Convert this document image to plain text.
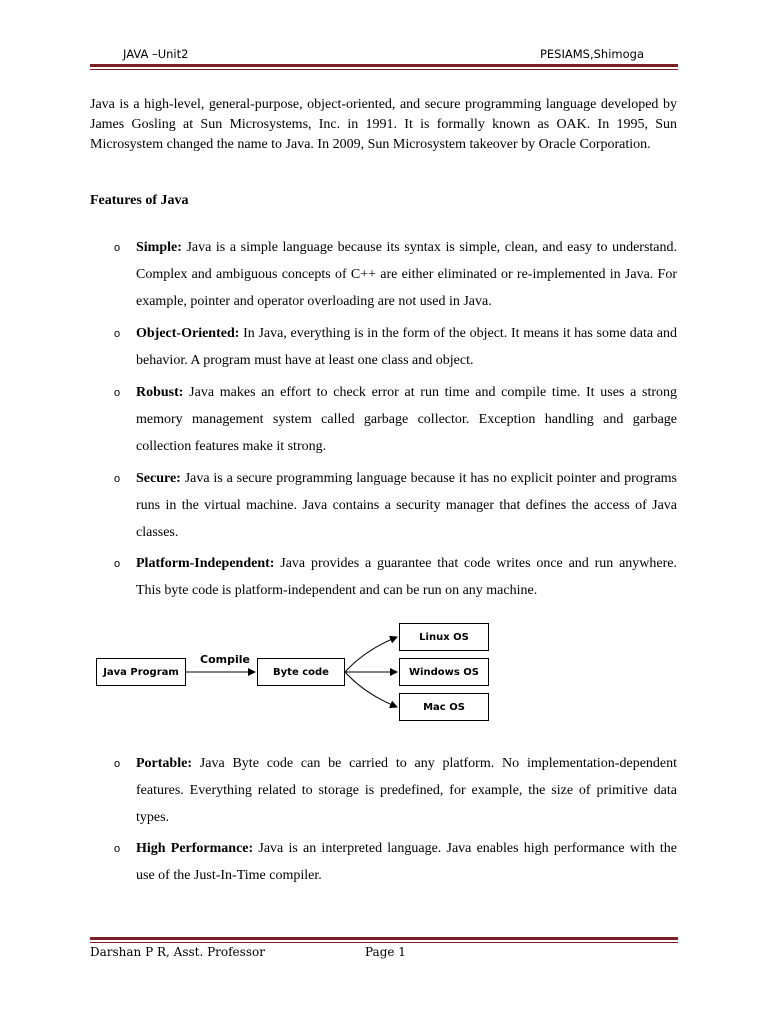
JAVA –Unit2	PESIAMS,Shimoga

Java is a high-level, general-purpose, object-oriented, and secure programming language developed by James Gosling at Sun Microsystems, Inc. in 1991. It is formally known as OAK. In 1995, Sun Microsystem changed the name to Java. In 2009, Sun Microsystem takeover by Oracle Corporation.

Features of Java

o Simple: Java is a simple language because its syntax is simple, clean, and easy to understand. Complex and ambiguous concepts of C++ are either eliminated or re-implemented in Java. For example, pointer and operator overloading are not used in Java.

o Object-Oriented: In Java, everything is in the form of the object. It means it has some data and behavior. A program must have at least one class and object.

o Robust: Java makes an effort to check error at run time and compile time. It uses a strong memory management system called garbage collector. Exception handling and garbage collection features make it strong.

o Secure: Java is a secure programming language because it has no explicit pointer and programs runs in the virtual machine. Java contains a security manager that defines the access of Java classes.

o Platform-Independent: Java provides a guarantee that code writes once and run anywhere. This byte code is platform-independent and can be run on any machine.

Java Program
Compile
Byte code
Linux OS
Windows OS
Mac OS
o Portable: Java Byte code can be carried to any platform. No implementation-dependent features. Everything related to storage is predefined, for example, the size of primitive data types.

o High Performance: Java is an interpreted language. Java enables high performance with the use of the Just-In-Time compiler.

Darshan P R, Asst. Professor	Page 1
